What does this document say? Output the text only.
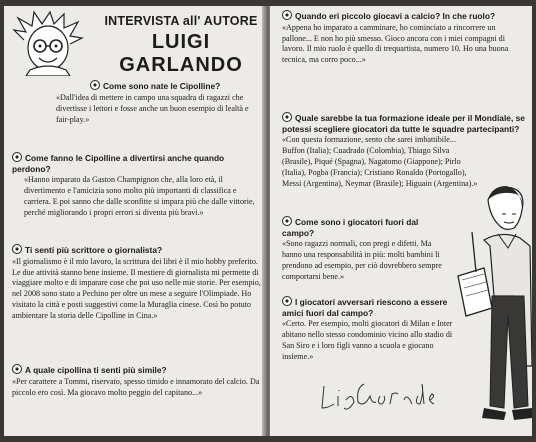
INTERVISTA all' AUTORE
LUIGI GARLANDO
Come sono nate le Cipolline?
«Dall'idea di mettere in campo una squadra di ragazzi che divertisse i lettori e fosse anche un buon esempio di lealtà e fair-play.»
Come fanno le Cipolline a divertirsi anche quando perdono?
«Hanno imparato da Gaston Champignon che, alla loro età, il divertimento e l'amicizia sono molto più importanti di classifica e carriera. E poi sanno che dalle sconfitte si impara più che dalle vittorie, perché migliorando i propri errori si diventa più bravi.»
Ti senti più scrittore o giornalista?
«Il giornalismo è il mio lavoro, la scrittura dei libri è il mio hobby preferito. Le due attività stanno bene insieme. Il mestiere di giornalista mi permette di viaggiare molto e di imparare cose che poi uso nelle mie storie. Per esempio, nel 2008 sono stato a Pechino per oltre un mese a seguire l'Olimpiade. Ho visitato la città e posti suggestivi come la Muraglia cinese. Così ho potuto ambientare la storia delle Cipolline in Cina.»
A quale cipollina ti senti più simile?
«Per carattere a Tommi, riservato, spesso timido e innamorato del calcio. Da piccolo ero così. Ma giocavo molto peggio del capitano...»
Quando eri piccolo giocavi a calcio? In che ruolo?
«Appena ho imparato a camminare, ho cominciato a rincorrere un pallone... E non ho più smesso. Gioco ancora con i miei compagni di lavoro. Il mio ruolo è quello di trequartista, numero 10. Ho una buona tecnica, ma corro poco...»
Quale sarebbe la tua formazione ideale per il Mondiale, se potessi scegliere giocatori da tutte le squadre partecipanti?
«Con questa formazione, sento che sarei imbattibile... Buffon (Italia); Cuadrado (Colombia), Thiago Silva (Brasile), Piqué (Spagna), Nagatomo (Giappone); Pirlo (Italia), Pogba (Francia); Cristiano Ronaldo (Portogallo), Messi (Argentina), Neymar (Brasile); Higuain (Argentina).»
Come sono i giocatori fuori dal campo?
«Sono ragazzi normali, con pregi e difetti. Ma hanno una responsabilità in più: molti bambini li prendono ad esempio, per ciò dovrebbero sempre comportarsi bene.»
I giocatori avversari riescono a essere amici fuori dal campo?
«Certo. Per esempio, molti giocatori di Milan e Inter abitano nello stesso condominio vicino allo stadio di San Siro e i loro figli vanno a scuola e giocano insieme.»
